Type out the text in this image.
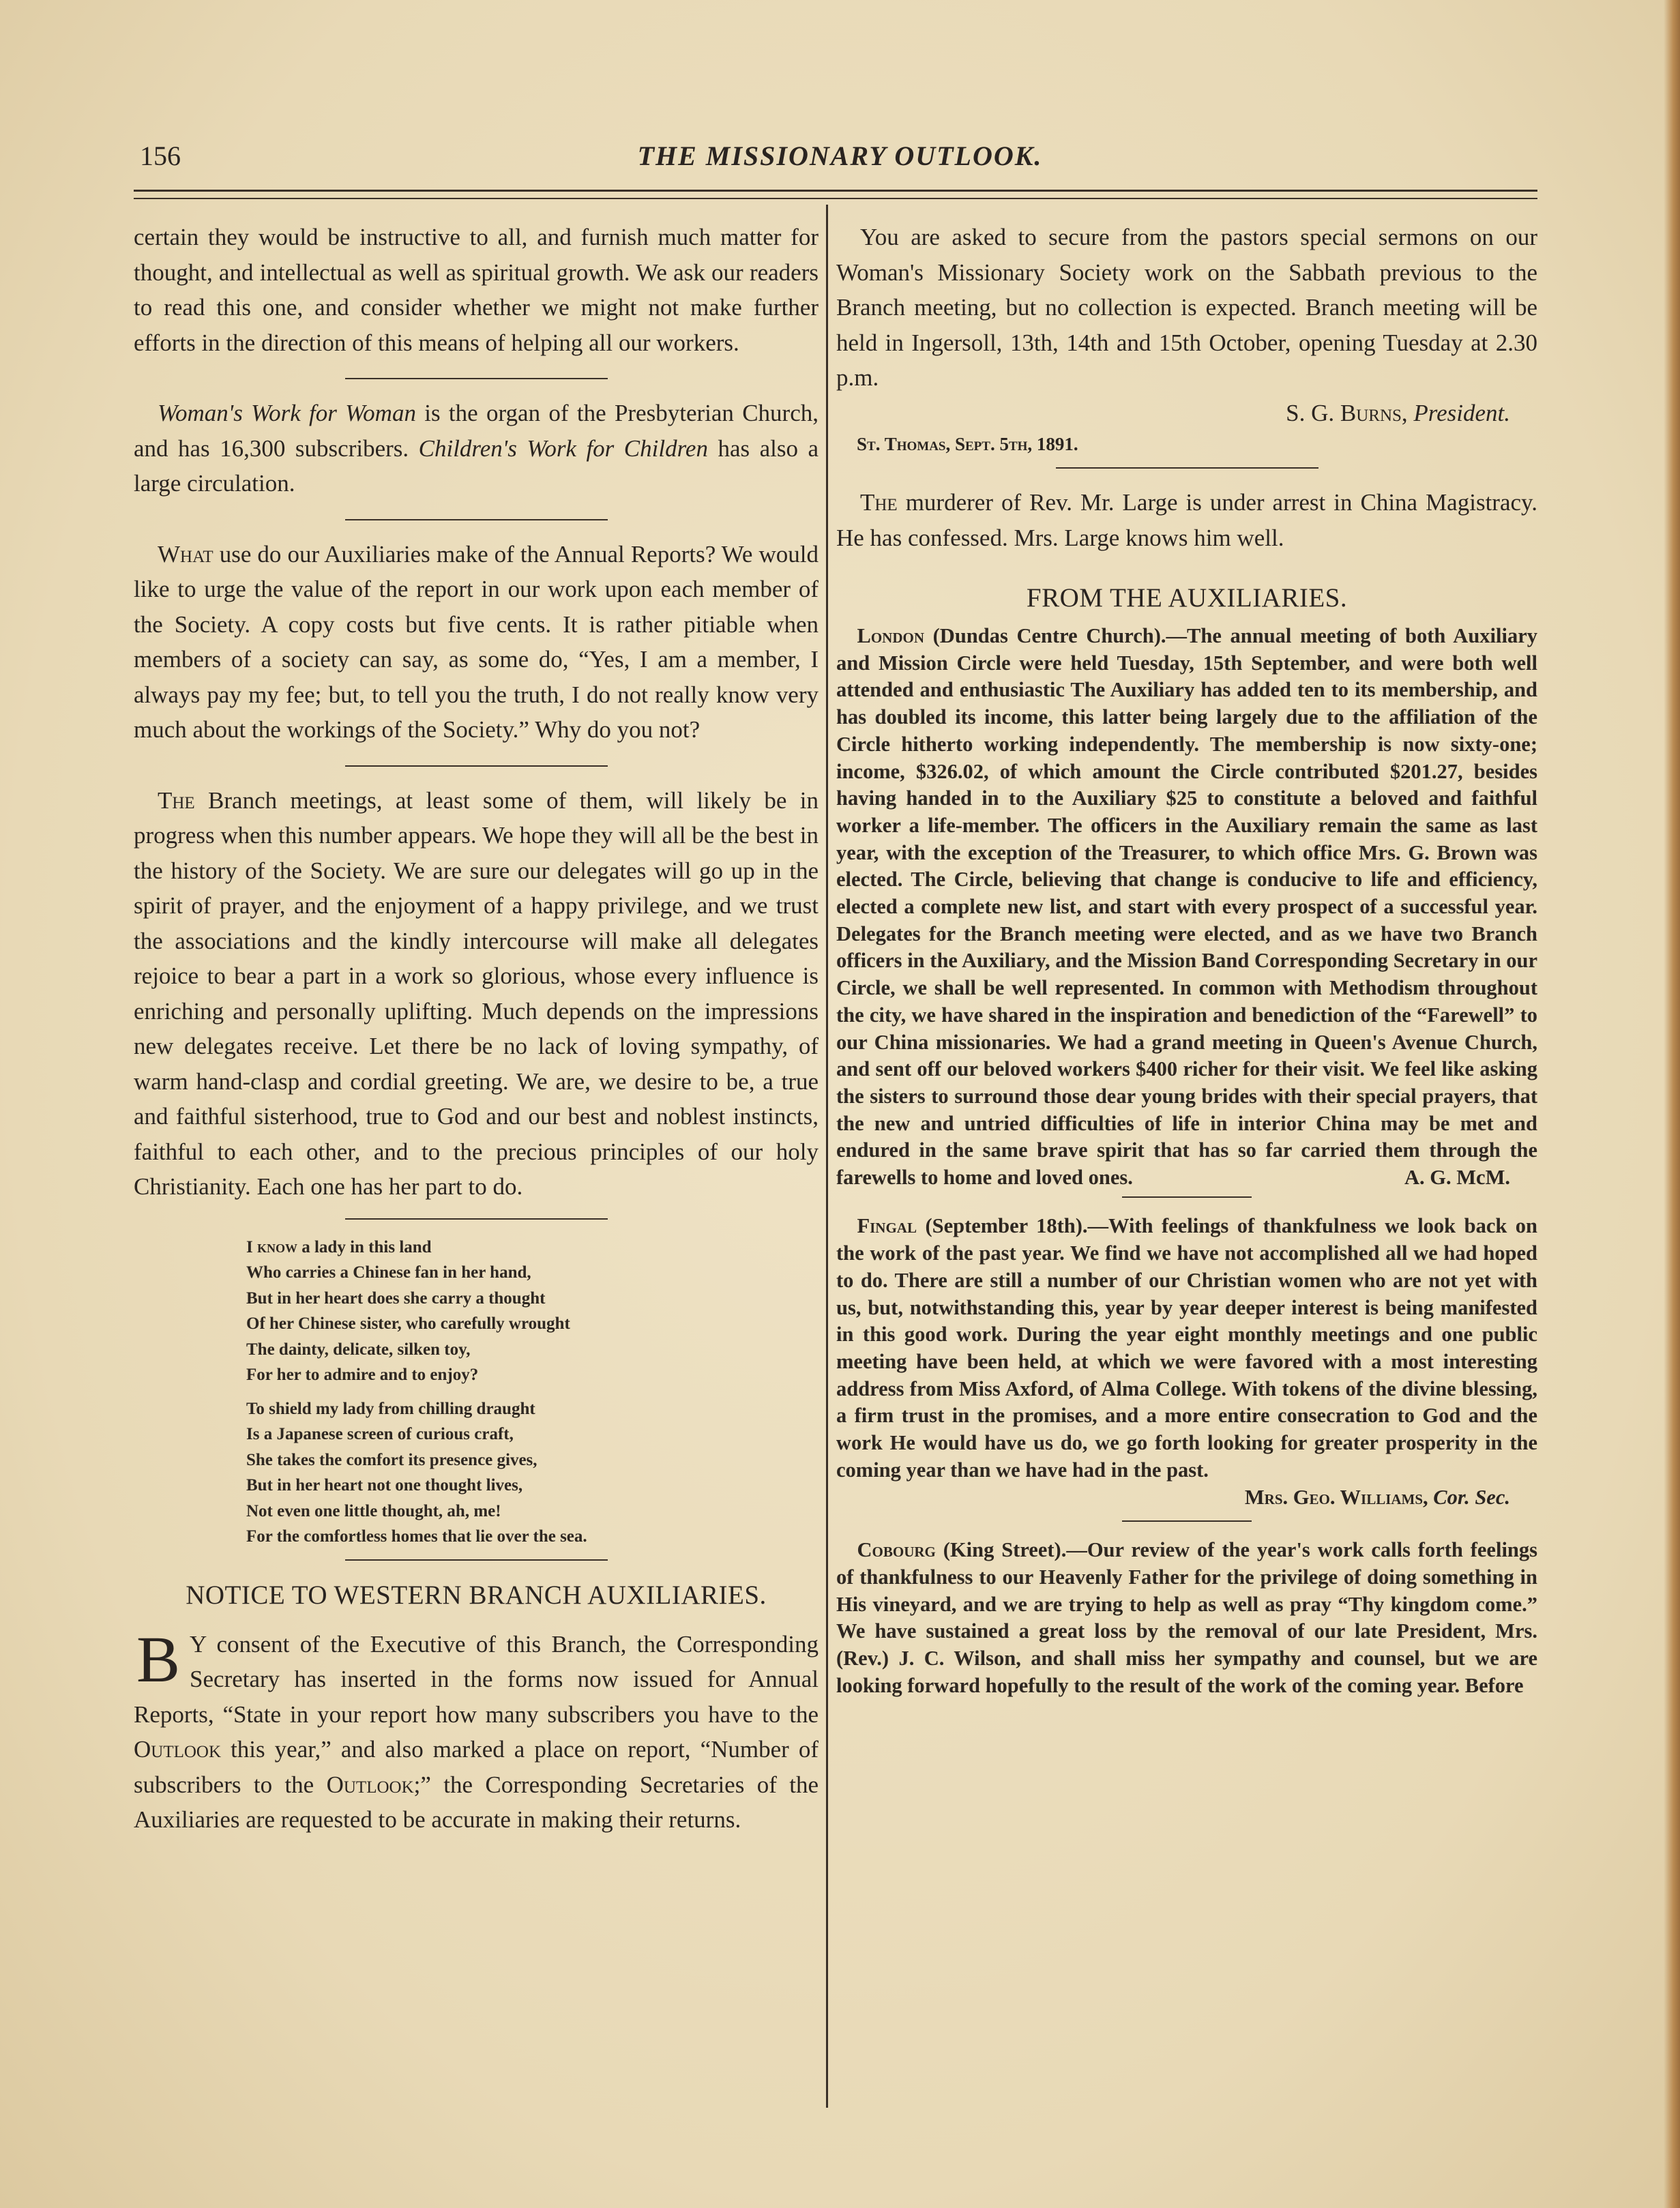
156	THE MISSIONARY OUTLOOK.

certain they would be instructive to all, and furnish much matter for thought, and intellectual as well as spiritual growth. We ask our readers to read this one, and consider whether we might not make further efforts in the direction of this means of helping all our workers.

 Woman's Work for Woman is the organ of the Presbyterian Church, and has 16,300 subscribers. Children's Work for Children has also a large circulation.

 What use do our Auxiliaries make of the Annual Reports? We would like to urge the value of the report in our work upon each member of the Society. A copy costs but five cents. It is rather pitiable when members of a society can say, as some do, “Yes, I am a member, I always pay my fee; but, to tell you the truth, I do not really know very much about the workings of the Society.” Why do you not?

 The Branch meetings, at least some of them, will likely be in progress when this number appears. We hope they will all be the best in the history of the Society. We are sure our delegates will go up in the spirit of prayer, and the enjoyment of a happy privilege, and we trust the associations and the kindly intercourse will make all delegates rejoice to bear a part in a work so glorious, whose every influence is enriching and personally uplifting. Much depends on the impressions new delegates receive. Let there be no lack of loving sympathy, of warm hand-clasp and cordial greeting. We are, we desire to be, a true and faithful sisterhood, true to God and our best and noblest instincts, faithful to each other, and to the precious principles of our holy Christianity. Each one has her part to do.

I know a lady in this land
Who carries a Chinese fan in her hand,
But in her heart does she carry a thought
Of her Chinese sister, who carefully wrought
The dainty, delicate, silken toy,
For her to admire and to enjoy?
To shield my lady from chilling draught
Is a Japanese screen of curious craft,
She takes the comfort its presence gives,
But in her heart not one thought lives,
Not even one little thought, ah, me!
For the comfortless homes that lie over the sea.
NOTICE TO WESTERN BRANCH AUXILIARIES.

B Y consent of the Executive of this Branch, the Corresponding Secretary has inserted in the forms now issued for Annual Reports, “State in your report how many subscribers you have to the Outlook this year,” and also marked a place on report, “Number of subscribers to the Outlook;” the Corresponding Secretaries of the Auxiliaries are requested to be accurate in making their returns.

 You are asked to secure from the pastors special sermons on our Woman's Missionary Society work on the Sabbath previous to the Branch meeting, but no collection is expected. Branch meeting will be held in Ingersoll, 13th, 14th and 15th October, opening Tuesday at 2.30 p.m.

S. G. Burns, President.
St. Thomas, Sept. 5th, 1891.

 The murderer of Rev. Mr. Large is under arrest in China Magistracy. He has confessed. Mrs. Large knows him well.

FROM THE AUXILIARIES.

 London (Dundas Centre Church).—The annual meeting of both Auxiliary and Mission Circle were held Tuesday, 15th September, and were both well attended and enthusiastic The Auxiliary has added ten to its membership, and has doubled its income, this latter being largely due to the affiliation of the Circle hitherto working independently. The membership is now sixty-one; income, $326.02, of which amount the Circle contributed $201.27, besides having handed in to the Auxiliary $25 to constitute a beloved and faithful worker a life-member. The officers in the Auxiliary remain the same as last year, with the exception of the Treasurer, to which office Mrs. G. Brown was elected. The Circle, believing that change is conducive to life and efficiency, elected a complete new list, and start with every prospect of a successful year. Delegates for the Branch meeting were elected, and as we have two Branch officers in the Auxiliary, and the Mission Band Corresponding Secretary in our Circle, we shall be well represented. In common with Methodism throughout the city, we have shared in the inspiration and benediction of the “Farewell” to our China missionaries. We had a grand meeting in Queen's Avenue Church, and sent off our beloved workers $400 richer for their visit. We feel like asking the sisters to surround those dear young brides with their special prayers, that the new and untried difficulties of life in interior China may be met and endured in the same brave spirit that has so far carried them through the farewells to home and loved ones.	A. G. McM.

 Fingal (September 18th).—With feelings of thankfulness we look back on the work of the past year. We find we have not accomplished all we had hoped to do. There are still a number of our Christian women who are not yet with us, but, notwithstanding this, year by year deeper interest is being manifested in this good work. During the year eight monthly meetings and one public meeting have been held, at which we were favored with a most interesting address from Miss Axford, of Alma College. With tokens of the divine blessing, a firm trust in the promises, and a more entire consecration to God and the work He would have us do, we go forth looking for greater prosperity in the coming year than we have had in the past.

Mrs. Geo. Williams, Cor. Sec.

 Cobourg (King Street).—Our review of the year's work calls forth feelings of thankfulness to our Heavenly Father for the privilege of doing something in His vineyard, and we are trying to help as well as pray “Thy kingdom come.” We have sustained a great loss by the removal of our late President, Mrs. (Rev.) J. C. Wilson, and shall miss her sympathy and counsel, but we are looking forward hopefully to the result of the work of the coming year. Before
